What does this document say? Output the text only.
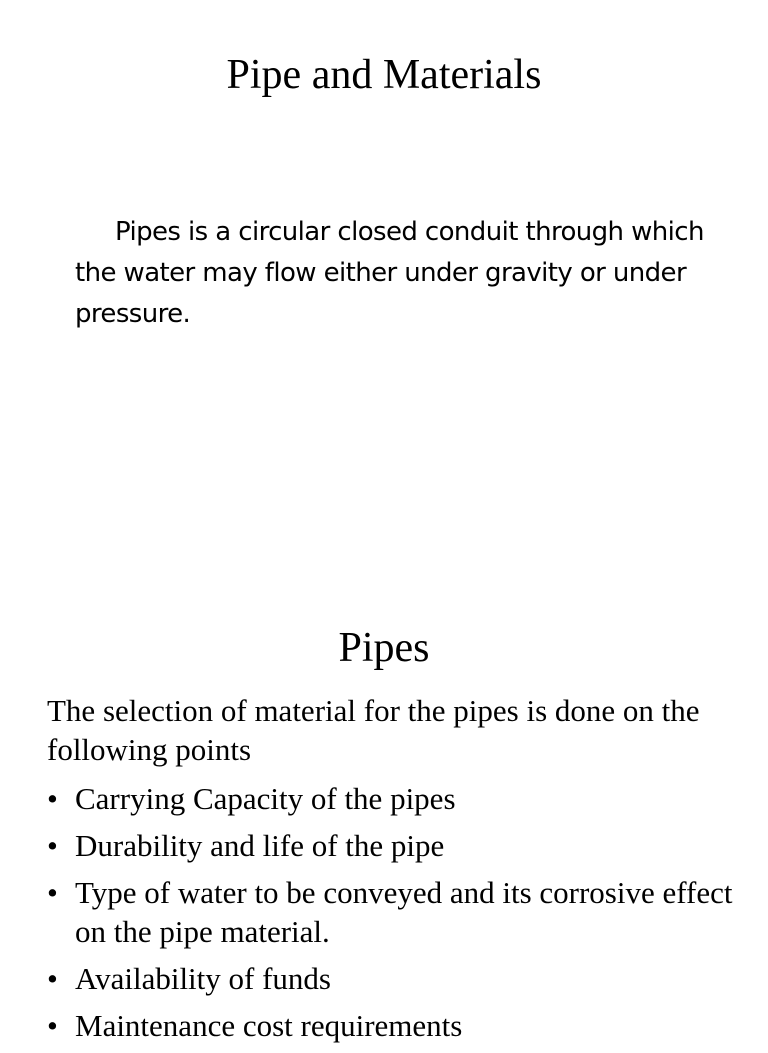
Pipe and Materials

Pipes is a circular closed conduit through which the water may flow either under gravity or under pressure.

Pipes

The selection of material for the pipes is done on the following points

• Carrying Capacity of the pipes
• Durability and life of the pipe
• Type of water to be conveyed and its corrosive effect on the pipe material.
• Availability of funds
• Maintenance cost requirements
